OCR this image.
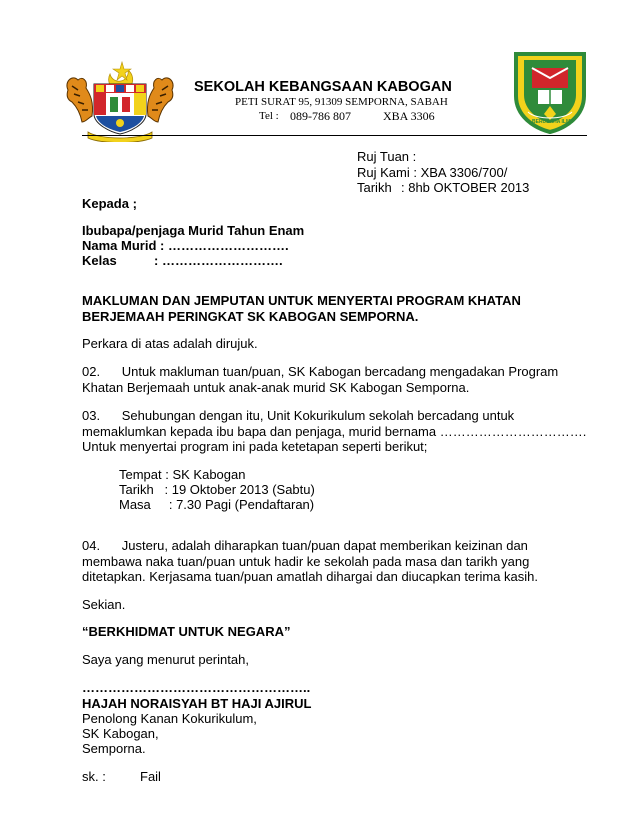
BERUSAHA ILMU
SEKOLAH KEBANGSAAN KABOGAN
PETI SURAT 95, 91309 SEMPORNA, SABAH
Tel : 089-786 807	XBA 3306
Ruj Tuan :
Ruj Kami : XBA 3306/700/
Tarikh : 8hb OKTOBER 2013
Kepada ;
Ibubapa/penjaga Murid Tahun Enam
Nama Murid : ……………………….
Kelas	: ……………………….
MAKLUMAN DAN JEMPUTAN UNTUK MENYERTAI PROGRAM KHATAN
BERJEMAAH PERINGKAT SK KABOGAN SEMPORNA.
Perkara di atas adalah dirujuk.
02.      Untuk makluman tuan/puan, SK Kabogan bercadang mengadakan Program
Khatan Berjemaah untuk anak-anak murid SK Kabogan Semporna.
03.      Sehubungan dengan itu, Unit Kokurikulum sekolah bercadang untuk
memaklumkan kepada ibu bapa dan penjaga, murid bernama …………………………….
Untuk menyertai program ini pada ketetapan seperti berikut;
Tempat : SK Kabogan
Tarikh   : 19 Oktober 2013 (Sabtu)
Masa     : 7.30 Pagi (Pendaftaran)
04.      Justeru, adalah diharapkan tuan/puan dapat memberikan keizinan dan
membawa naka tuan/puan untuk hadir ke sekolah pada masa dan tarikh yang
ditetapkan. Kerjasama tuan/puan amatlah dihargai dan diucapkan terima kasih.
Sekian.
“BERKHIDMAT UNTUK NEGARA”
Saya yang menurut perintah,
……………………………………………..
HAJAH NORAISYAH BT HAJI AJIRUL
Penolong Kanan Kokurikulum,
SK Kabogan,
Semporna.
sk. :	Fail
